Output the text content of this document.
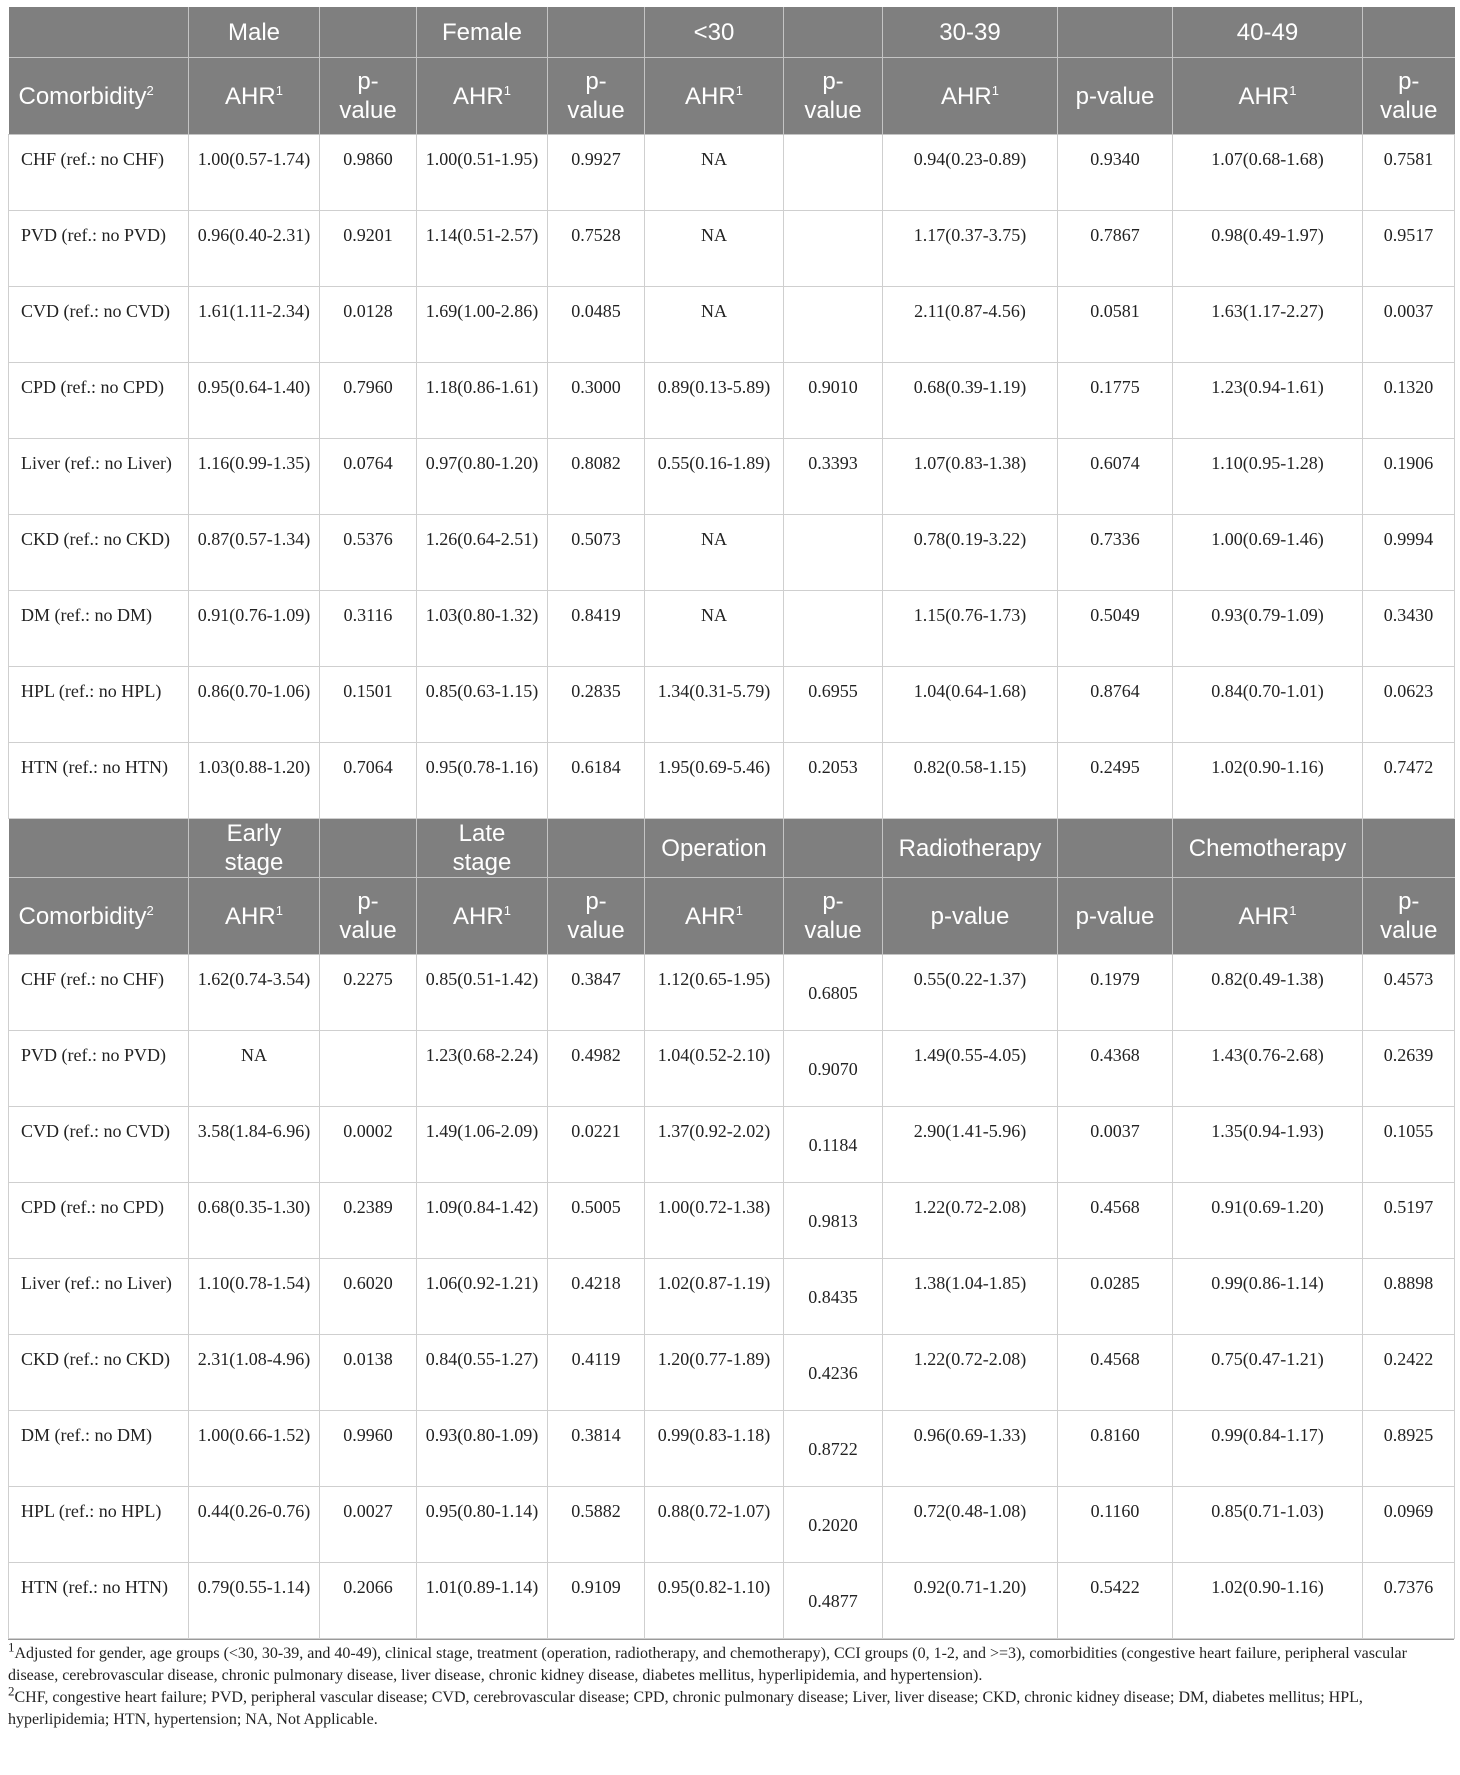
	Male		Female		<30		30-39		40-49	
Comorbidity$^2$	AHR$^1$	p-value	AHR$^1$	p-value	AHR$^1$	p-value	AHR$^1$	p-value	AHR$^1$	p-value
CHF (ref.: no CHF)	1.00(0.57-1.74)	0.9860	1.00(0.51-1.95)	0.9927	NA		0.94(0.23-0.89)	0.9340	1.07(0.68-1.68)	0.7581
PVD (ref.: no PVD)	0.96(0.40-2.31)	0.9201	1.14(0.51-2.57)	0.7528	NA		1.17(0.37-3.75)	0.7867	0.98(0.49-1.97)	0.9517
CVD (ref.: no CVD)	1.61(1.11-2.34)	0.0128	1.69(1.00-2.86)	0.0485	NA		2.11(0.87-4.56)	0.0581	1.63(1.17-2.27)	0.0037
CPD (ref.: no CPD)	0.95(0.64-1.40)	0.7960	1.18(0.86-1.61)	0.3000	0.89(0.13-5.89)	0.9010	0.68(0.39-1.19)	0.1775	1.23(0.94-1.61)	0.1320
Liver (ref.: no Liver)	1.16(0.99-1.35)	0.0764	0.97(0.80-1.20)	0.8082	0.55(0.16-1.89)	0.3393	1.07(0.83-1.38)	0.6074	1.10(0.95-1.28)	0.1906
CKD (ref.: no CKD)	0.87(0.57-1.34)	0.5376	1.26(0.64-2.51)	0.5073	NA		0.78(0.19-3.22)	0.7336	1.00(0.69-1.46)	0.9994
DM (ref.: no DM)	0.91(0.76-1.09)	0.3116	1.03(0.80-1.32)	0.8419	NA		1.15(0.76-1.73)	0.5049	0.93(0.79-1.09)	0.3430
HPL (ref.: no HPL)	0.86(0.70-1.06)	0.1501	0.85(0.63-1.15)	0.2835	1.34(0.31-5.79)	0.6955	1.04(0.64-1.68)	0.8764	0.84(0.70-1.01)	0.0623
HTN (ref.: no HTN)	1.03(0.88-1.20)	0.7064	0.95(0.78-1.16)	0.6184	1.95(0.69-5.46)	0.2053	0.82(0.58-1.15)	0.2495	1.02(0.90-1.16)	0.7472
	Early stage		Late stage		Operation		Radiotherapy		Chemotherapy	
Comorbidity$^2$	AHR$^1$	p-value	AHR$^1$	p-value	AHR$^1$	p-value	p-value	p-value	AHR$^1$	p-value
CHF (ref.: no CHF)	1.62(0.74-3.54)	0.2275	0.85(0.51-1.42)	0.3847	1.12(0.65-1.95)	0.6805	0.55(0.22-1.37)	0.1979	0.82(0.49-1.38)	0.4573
PVD (ref.: no PVD)	NA		1.23(0.68-2.24)	0.4982	1.04(0.52-2.10)	0.9070	1.49(0.55-4.05)	0.4368	1.43(0.76-2.68)	0.2639
CVD (ref.: no CVD)	3.58(1.84-6.96)	0.0002	1.49(1.06-2.09)	0.0221	1.37(0.92-2.02)	0.1184	2.90(1.41-5.96)	0.0037	1.35(0.94-1.93)	0.1055
CPD (ref.: no CPD)	0.68(0.35-1.30)	0.2389	1.09(0.84-1.42)	0.5005	1.00(0.72-1.38)	0.9813	1.22(0.72-2.08)	0.4568	0.91(0.69-1.20)	0.5197
Liver (ref.: no Liver)	1.10(0.78-1.54)	0.6020	1.06(0.92-1.21)	0.4218	1.02(0.87-1.19)	0.8435	1.38(1.04-1.85)	0.0285	0.99(0.86-1.14)	0.8898
CKD (ref.: no CKD)	2.31(1.08-4.96)	0.0138	0.84(0.55-1.27)	0.4119	1.20(0.77-1.89)	0.4236	1.22(0.72-2.08)	0.4568	0.75(0.47-1.21)	0.2422
DM (ref.: no DM)	1.00(0.66-1.52)	0.9960	0.93(0.80-1.09)	0.3814	0.99(0.83-1.18)	0.8722	0.96(0.69-1.33)	0.8160	0.99(0.84-1.17)	0.8925
HPL (ref.: no HPL)	0.44(0.26-0.76)	0.0027	0.95(0.80-1.14)	0.5882	0.88(0.72-1.07)	0.2020	0.72(0.48-1.08)	0.1160	0.85(0.71-1.03)	0.0969
HTN (ref.: no HTN)	0.79(0.55-1.14)	0.2066	1.01(0.89-1.14)	0.9109	0.95(0.82-1.10)	0.4877	0.92(0.71-1.20)	0.5422	1.02(0.90-1.16)	0.7376

$^1$Adjusted for gender, age groups (<30, 30-39, and 40-49), clinical stage, treatment (operation, radiotherapy, and chemotherapy), CCI groups (0, 1-2, and >=3), comorbidities (congestive heart failure, peripheral vascular disease, cerebrovascular disease, chronic pulmonary disease, liver disease, chronic kidney disease, diabetes mellitus, hyperlipidemia, and hypertension).

$^2$CHF, congestive heart failure; PVD, peripheral vascular disease; CVD, cerebrovascular disease; CPD, chronic pulmonary disease; Liver, liver disease; CKD, chronic kidney disease; DM, diabetes mellitus; HPL, hyperlipidemia; HTN, hypertension; NA, Not Applicable.
